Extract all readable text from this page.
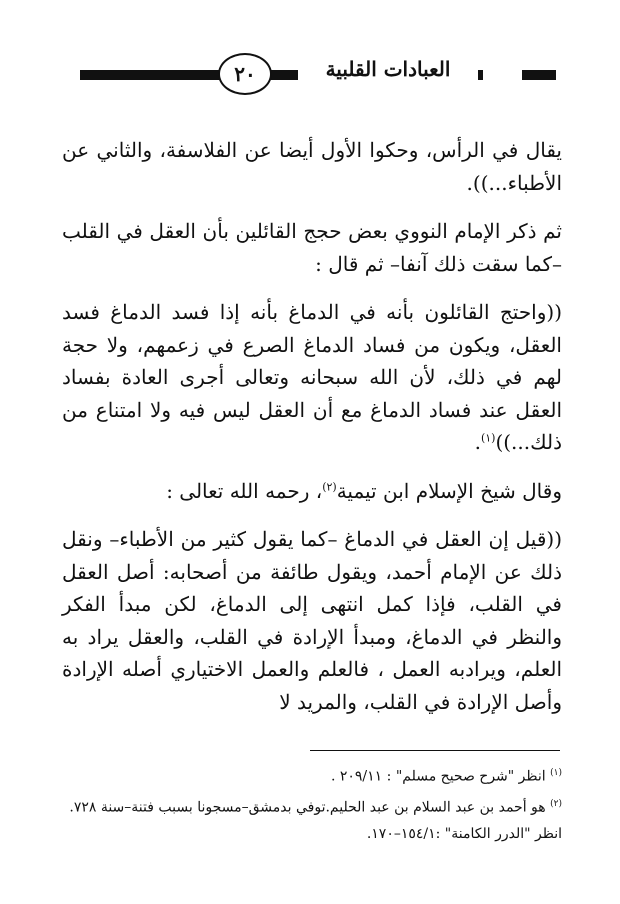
٢٠	العبادات القلبية

يقال في الرأس، وحكوا الأول أيضا عن الفلاسفة، والثاني عن الأطباء...)).

ثم ذكر الإمام النووي بعض حجج القائلين بأن العقل في القلب –كما سقت ذلك آنفا– ثم قال :

((واحتج القائلون بأنه في الدماغ بأنه إذا فسد الدماغ فسد العقل، ويكون من فساد الدماغ الصرع في زعمهم، ولا حجة لهم في ذلك، لأن الله سبحانه وتعالى أجرى العادة بفساد العقل عند فساد الدماغ مع أن العقل ليس فيه ولا امتناع من ذلك...))$^{(١)}$.

وقال شيخ الإسلام ابن تيمية$^{(٢)}$، رحمه الله تعالى :

((قيل إن العقل في الدماغ –كما يقول كثير من الأطباء– ونقل ذلك عن الإمام أحمد، ويقول طائفة من أصحابه: أصل العقل في القلب، فإذا كمل انتهى إلى الدماغ، لكن مبدأ الفكر والنظر في الدماغ، ومبدأ الإرادة في القلب، والعقل يراد به العلم، ويرادبه العمل ، فالعلم والعمل الاختياري أصله الإرادة وأصل الإرادة في القلب، والمريد لا

$^{(١)}$ انظر "شرح صحيح مسلم" : ٢٠٩/١١ .

$^{(٢)}$ هو أحمد بن عبد السلام بن عبد الحليم.توفي بدمشق–مسجونا بسبب فتنة–سنة ٧٢٨. انظر "الدرر الكامنة" :١٥٤/١–١٧٠.
